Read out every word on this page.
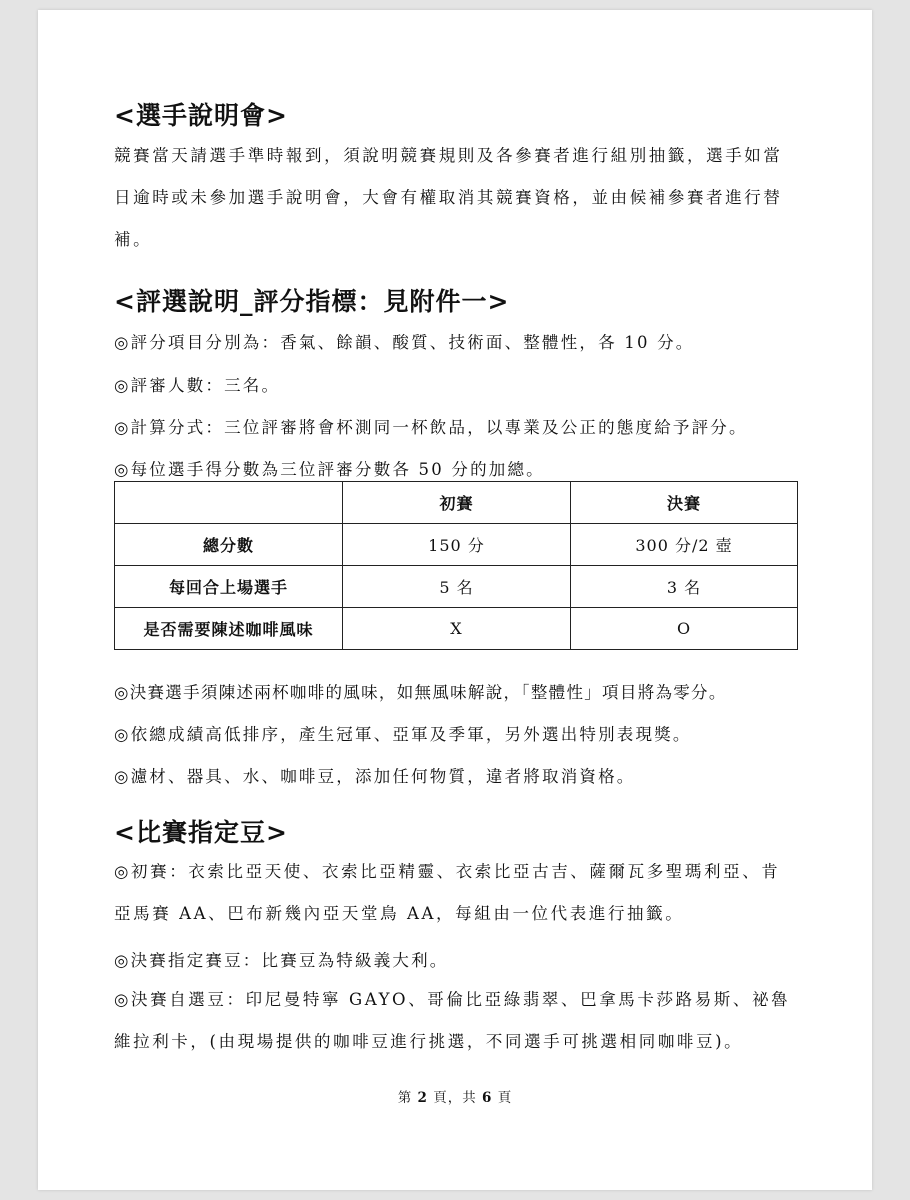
<選手說明會>

競賽當天請選手準時報到，須說明競賽規則及各參賽者進行組別抽籤，選手如當日逾時或未參加選手說明會，大會有權取消其競賽資格，並由候補參賽者進行替補。

<評選說明_評分指標：見附件一>

◎評分項目分別為：香氣、餘韻、酸質、技術面、整體性，各 10 分。

◎評審人數：三名。

◎計算分式：三位評審將會杯測同一杯飲品，以專業及公正的態度給予評分。

◎每位選手得分數為三位評審分數各 50 分的加總。

	初賽	決賽
總分數	150 分	300 分/2 壺
每回合上場選手	5 名	3 名
是否需要陳述咖啡風味	X	O

◎決賽選手須陳述兩杯咖啡的風味，如無風味解說，「整體性」項目將為零分。

◎依總成績高低排序，產生冠軍、亞軍及季軍，另外選出特別表現獎。

◎濾材、器具、水、咖啡豆，添加任何物質，違者將取消資格。

<比賽指定豆>

◎初賽：衣索比亞天使、衣索比亞精靈、衣索比亞古吉、薩爾瓦多聖瑪利亞、肯亞馬賽 AA、巴布新幾內亞天堂鳥 AA，每組由一位代表進行抽籤。

◎決賽指定賽豆：比賽豆為特級義大利。

◎決賽自選豆：印尼曼特寧 GAYO、哥倫比亞綠翡翠、巴拿馬卡莎路易斯、祕魯維拉利卡，(由現場提供的咖啡豆進行挑選，不同選手可挑選相同咖啡豆)。

第 2 頁，共 6 頁
